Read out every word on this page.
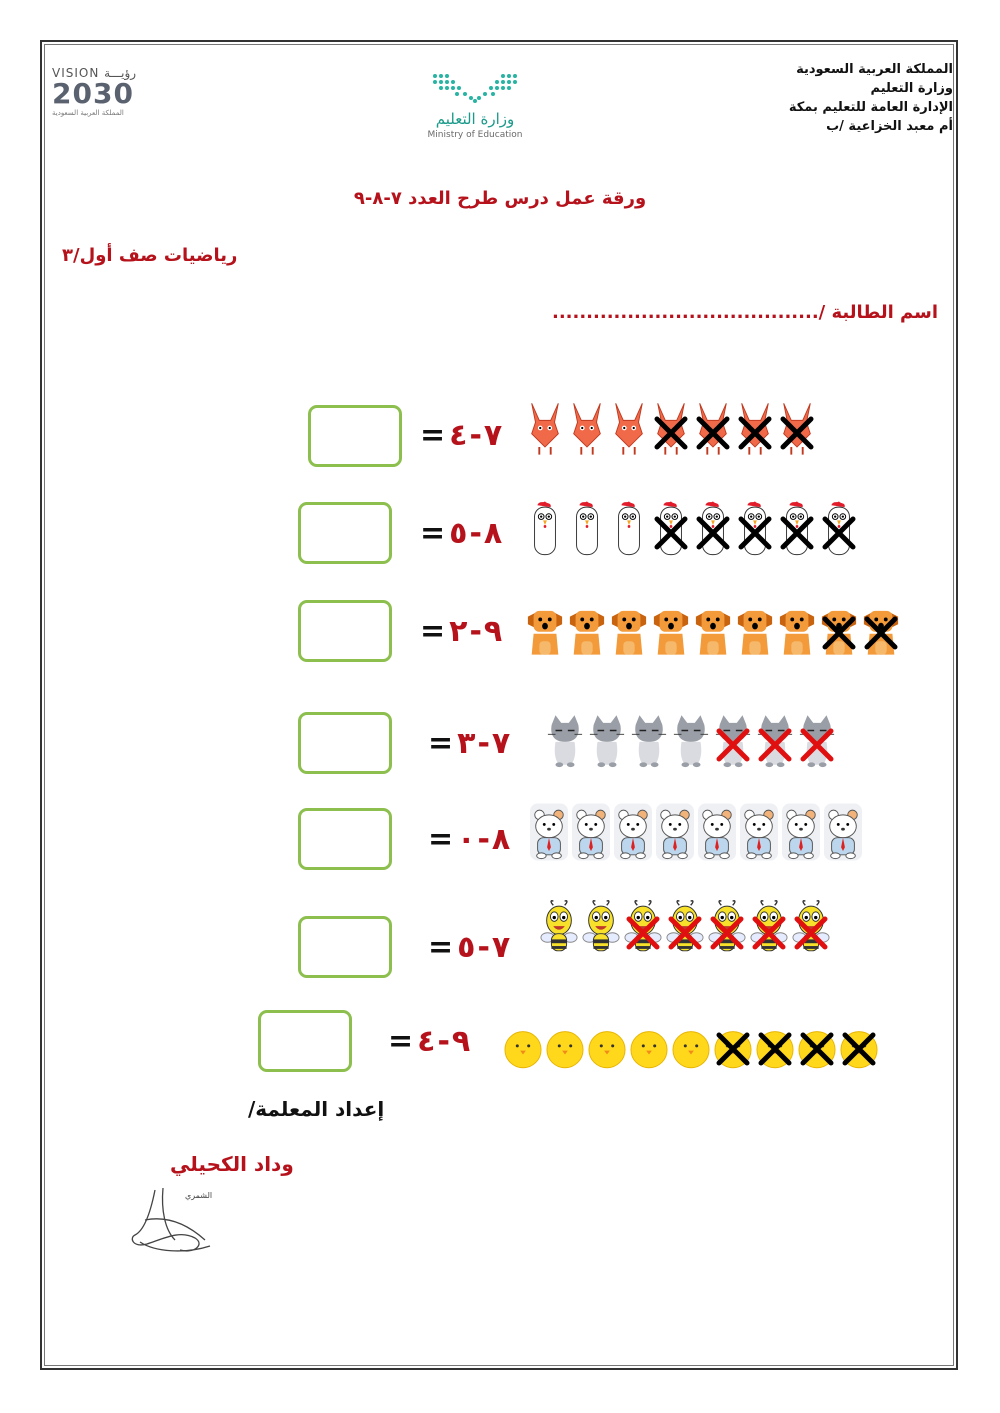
المملكة العربية السعودية
وزارة التعليم
الإدارة العامة للتعليم بمكة
أم معبد الخزاعية /ب
وزارة التعليم
Ministry of Education
VISION رؤيـــة
2030
المملكة العربية السعودية
ورقة عمل درس طرح العدد ٧-٨-٩
رياضيات صف أول/٣
اسم الطالبة /.......................................
٧-٤=
٨-٥=
٩-٢=
٧-٣=
٨-٠=
٧-٥=
٩-٤=
إعداد المعلمة/
وداد الكحيلي
الشمري
